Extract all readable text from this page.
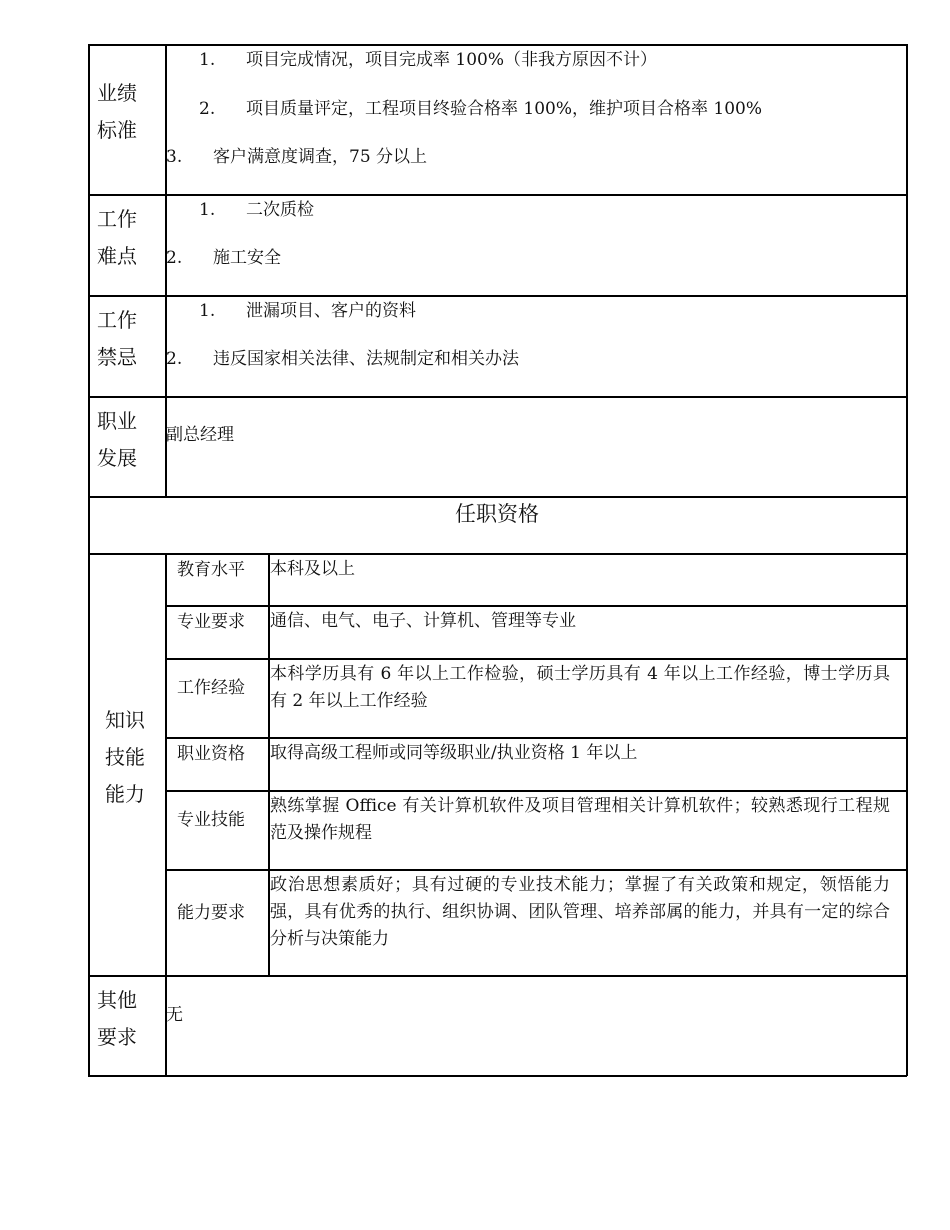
业绩标准
1. 项目完成情况，项目完成率 100%（非我方原因不计）
2. 项目质量评定，工程项目终验合格率 100%，维护项目合格率 100%
3. 客户满意度调查，75 分以上
工作难点
1. 二次质检
2. 施工安全
工作禁忌
1. 泄漏项目、客户的资料
2. 违反国家相关法律、法规制定和相关办法
职业发展
副总经理
任职资格
知识技能能力
教育水平 本科及以上
专业要求 通信、电气、电子、计算机、管理等专业
工作经验
本科学历具有 6 年以上工作检验，硕士学历具有 4 年以上工作经验，博士学历具有 2 年以上工作经验
职业资格 取得高级工程师或同等级职业/执业资格 1 年以上
专业技能
熟练掌握 Office 有关计算机软件及项目管理相关计算机软件；较熟悉现行工程规范及操作规程
能力要求
政治思想素质好；具有过硬的专业技术能力；掌握了有关政策和规定，领悟能力强，具有优秀的执行、组织协调、团队管理、培养部属的能力，并具有一定的综合分析与决策能力
其他要求
无
